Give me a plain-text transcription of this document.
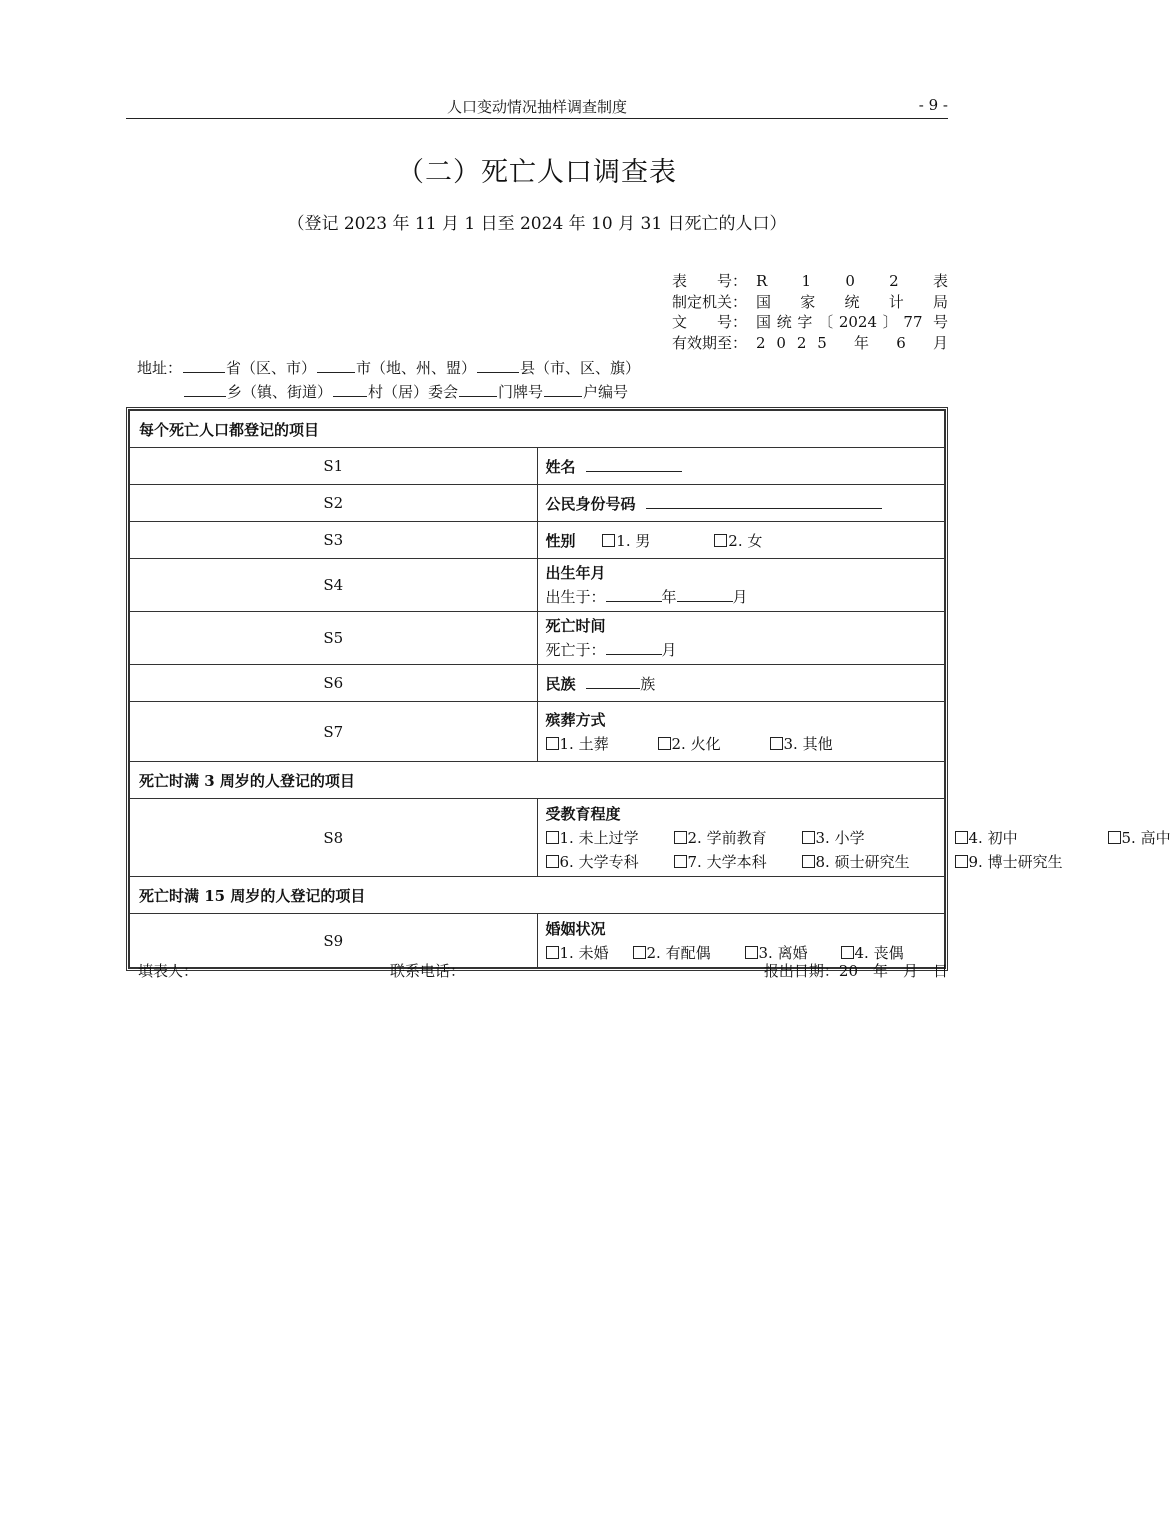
人口变动情况抽样调查制度	- 9 -
（二）死亡人口调查表
（登记 2023 年 11 月 1 日至 2024 年 10 月 31 日死亡的人口）
表　　号： R　1　0　2　表
制定机关： 国　家　统　计　局
文　　号： 国统字〔2024〕77 号
有效期至： 2 0 2 5　年　6　月
地址：	省（区、市）	市（地、州、盟）	县（市、区、旗）
乡（镇、街道） 村（居）委会	门牌号	户编号
每个死亡人口都登记的项目	
S1	姓名
S2	公民身份号码
S3	性别 1. 男 2. 女
S4	出生年月
出生于： 年 月

S5	死亡时间
死亡于： 月

S6	民族 族
S7	殡葬方式
1. 土葬 2. 火化 3. 其他

死亡时满 3 周岁的人登记的项目	
S8	受教育程度
1. 未上过学 2. 学前教育 3. 小学 4. 初中 5. 高中
6. 大学专科 7. 大学本科 8. 硕士研究生 9. 博士研究生

死亡时满 15 周岁的人登记的项目	
S9	婚姻状况
1. 未婚 2. 有配偶 3. 离婚 4. 丧偶
填表人：	联系电话：	报出日期：20　年　月　日
